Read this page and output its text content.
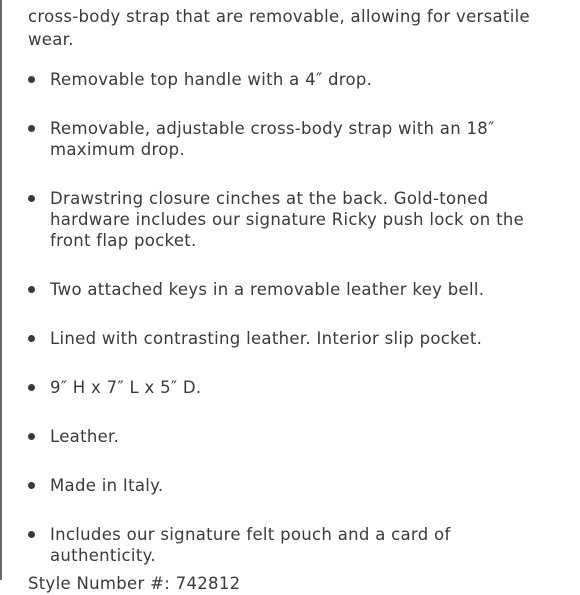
cross-body strap that are removable, allowing for versatile wear.

Removable top handle with a 4″ drop.
Removable, adjustable cross-body strap with an 18″ maximum drop.
Drawstring closure cinches at the back. Gold-toned hardware includes our signature Ricky push lock on the front flap pocket.
Two attached keys in a removable leather key bell.
Lined with contrasting leather. Interior slip pocket.
9″ H x 7″ L x 5″ D.
Leather.
Made in Italy.
Includes our signature felt pouch and a card of authenticity.
Style Number #: 742812
